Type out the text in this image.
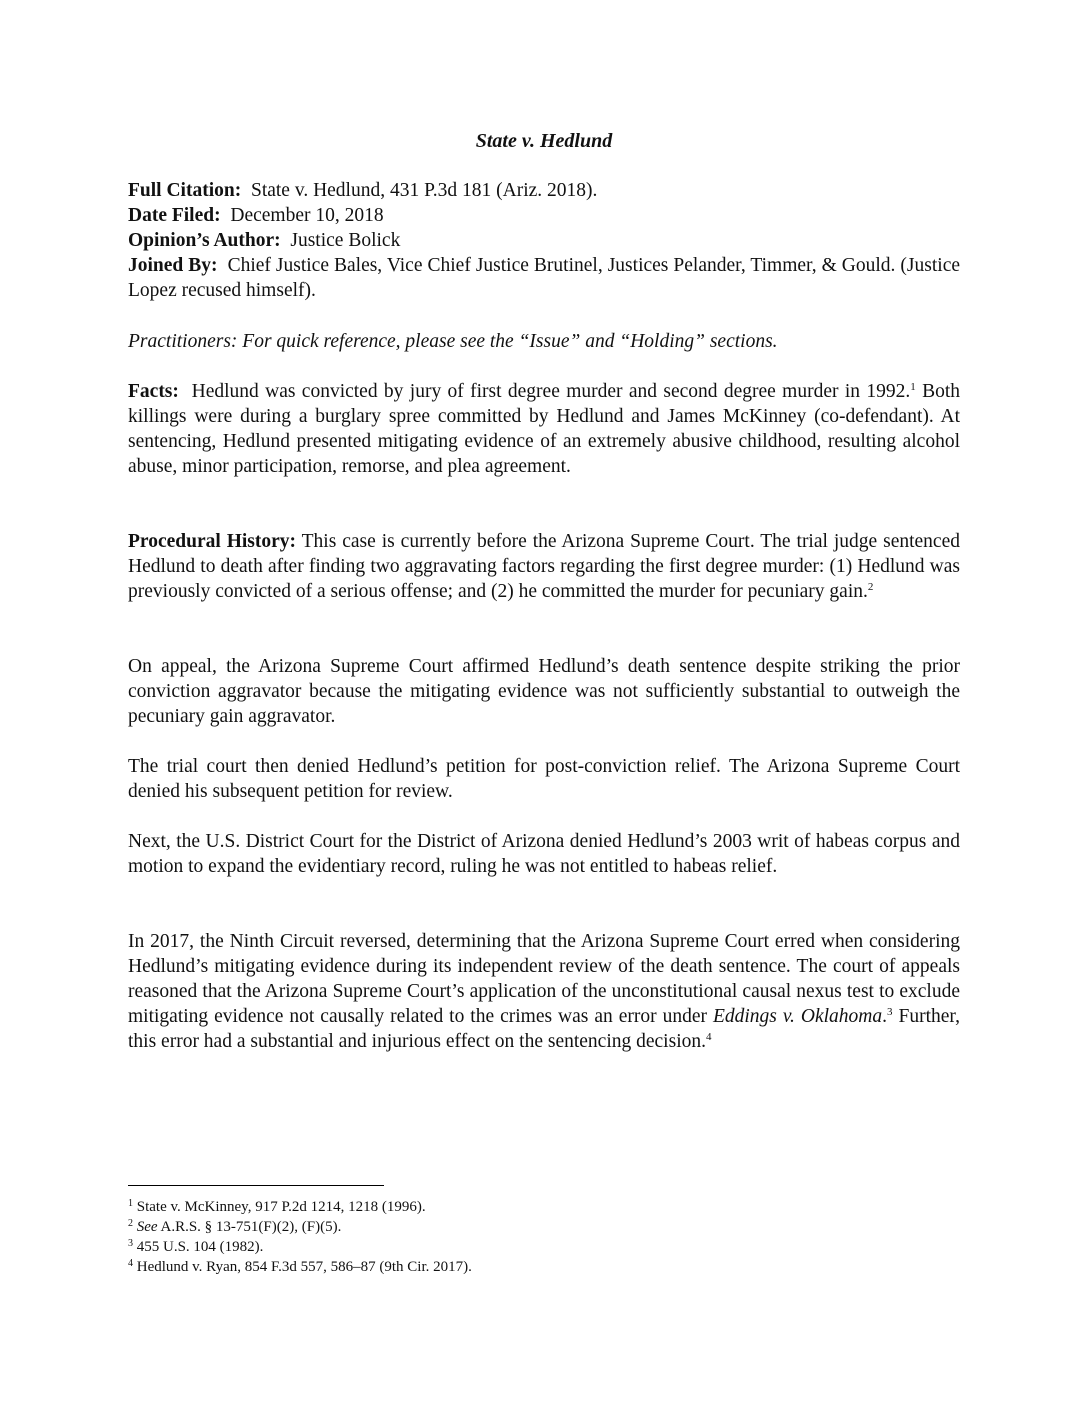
State v. Hedlund

Full Citation: State v. Hedlund, 431 P.3d 181 (Ariz. 2018).

Date Filed: December 10, 2018

Opinion’s Author: Justice Bolick

Joined By: Chief Justice Bales, Vice Chief Justice Brutinel, Justices Pelander, Timmer, & Gould. (Justice Lopez recused himself).

Practitioners: For quick reference, please see the “Issue” and “Holding” sections.

Facts: Hedlund was convicted by jury of first degree murder and second degree murder in 1992.$^1$ Both killings were during a burglary spree committed by Hedlund and James McKinney (co-defendant). At sentencing, Hedlund presented mitigating evidence of an extremely abusive childhood, resulting alcohol abuse, minor participation, remorse, and plea agreement.

Procedural History: This case is currently before the Arizona Supreme Court. The trial judge sentenced Hedlund to death after finding two aggravating factors regarding the first degree murder: (1) Hedlund was previously convicted of a serious offense; and (2) he committed the murder for pecuniary gain.$^2$

On appeal, the Arizona Supreme Court affirmed Hedlund’s death sentence despite striking the prior conviction aggravator because the mitigating evidence was not sufficiently substantial to outweigh the pecuniary gain aggravator.

The trial court then denied Hedlund’s petition for post-conviction relief. The Arizona Supreme Court denied his subsequent petition for review.

Next, the U.S. District Court for the District of Arizona denied Hedlund’s 2003 writ of habeas corpus and motion to expand the evidentiary record, ruling he was not entitled to habeas relief.

In 2017, the Ninth Circuit reversed, determining that the Arizona Supreme Court erred when considering Hedlund’s mitigating evidence during its independent review of the death sentence. The court of appeals reasoned that the Arizona Supreme Court’s application of the unconstitutional causal nexus test to exclude mitigating evidence not causally related to the crimes was an error under Eddings v. Oklahoma.$^3$ Further, this error had a substantial and injurious effect on the sentencing decision.$^4$

$^1$ State v. McKinney, 917 P.2d 1214, 1218 (1996).

$^2$ See A.R.S. § 13-751(F)(2), (F)(5).

$^3$ 455 U.S. 104 (1982).

$^4$ Hedlund v. Ryan, 854 F.3d 557, 586–87 (9th Cir. 2017).
